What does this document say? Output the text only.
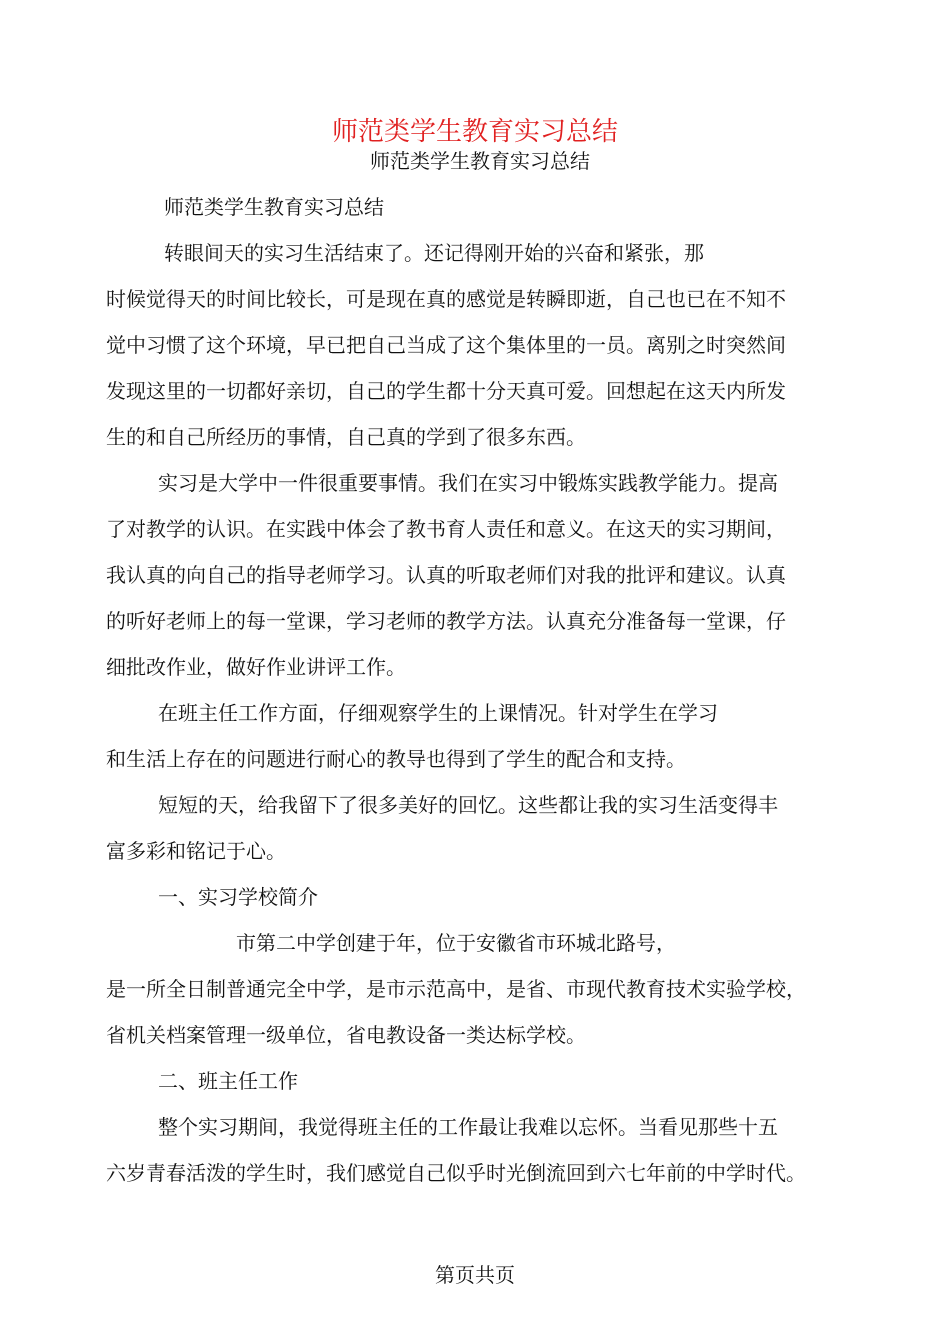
师范类学生教育实习总结
师范类学生教育实习总结
师范类学生教育实习总结
转眼间天的实习生活结束了。还记得刚开始的兴奋和紧张，那
时候觉得天的时间比较长，可是现在真的感觉是转瞬即逝，自己也已在不知不
觉中习惯了这个环境，早已把自己当成了这个集体里的一员。离别之时突然间
发现这里的一切都好亲切，自己的学生都十分天真可爱。回想起在这天内所发
生的和自己所经历的事情，自己真的学到了很多东西。
实习是大学中一件很重要事情。我们在实习中锻炼实践教学能力。提高
了对教学的认识。在实践中体会了教书育人责任和意义。在这天的实习期间，
我认真的向自己的指导老师学习。认真的听取老师们对我的批评和建议。认真
的听好老师上的每一堂课，学习老师的教学方法。认真充分准备每一堂课，仔
细批改作业，做好作业讲评工作。
在班主任工作方面，仔细观察学生的上课情况。针对学生在学习
和生活上存在的问题进行耐心的教导也得到了学生的配合和支持。
短短的天，给我留下了很多美好的回忆。这些都让我的实习生活变得丰
富多彩和铭记于心。
一、实习学校简介
市第二中学创建于年，位于安徽省市环城北路号，
是一所全日制普通完全中学，是市示范高中，是省、市现代教育技术实验学校，
省机关档案管理一级单位，省电教设备一类达标学校。
二、班主任工作
整个实习期间，我觉得班主任的工作最让我难以忘怀。当看见那些十五
六岁青春活泼的学生时，我们感觉自己似乎时光倒流回到六七年前的中学时代。
第页共页
